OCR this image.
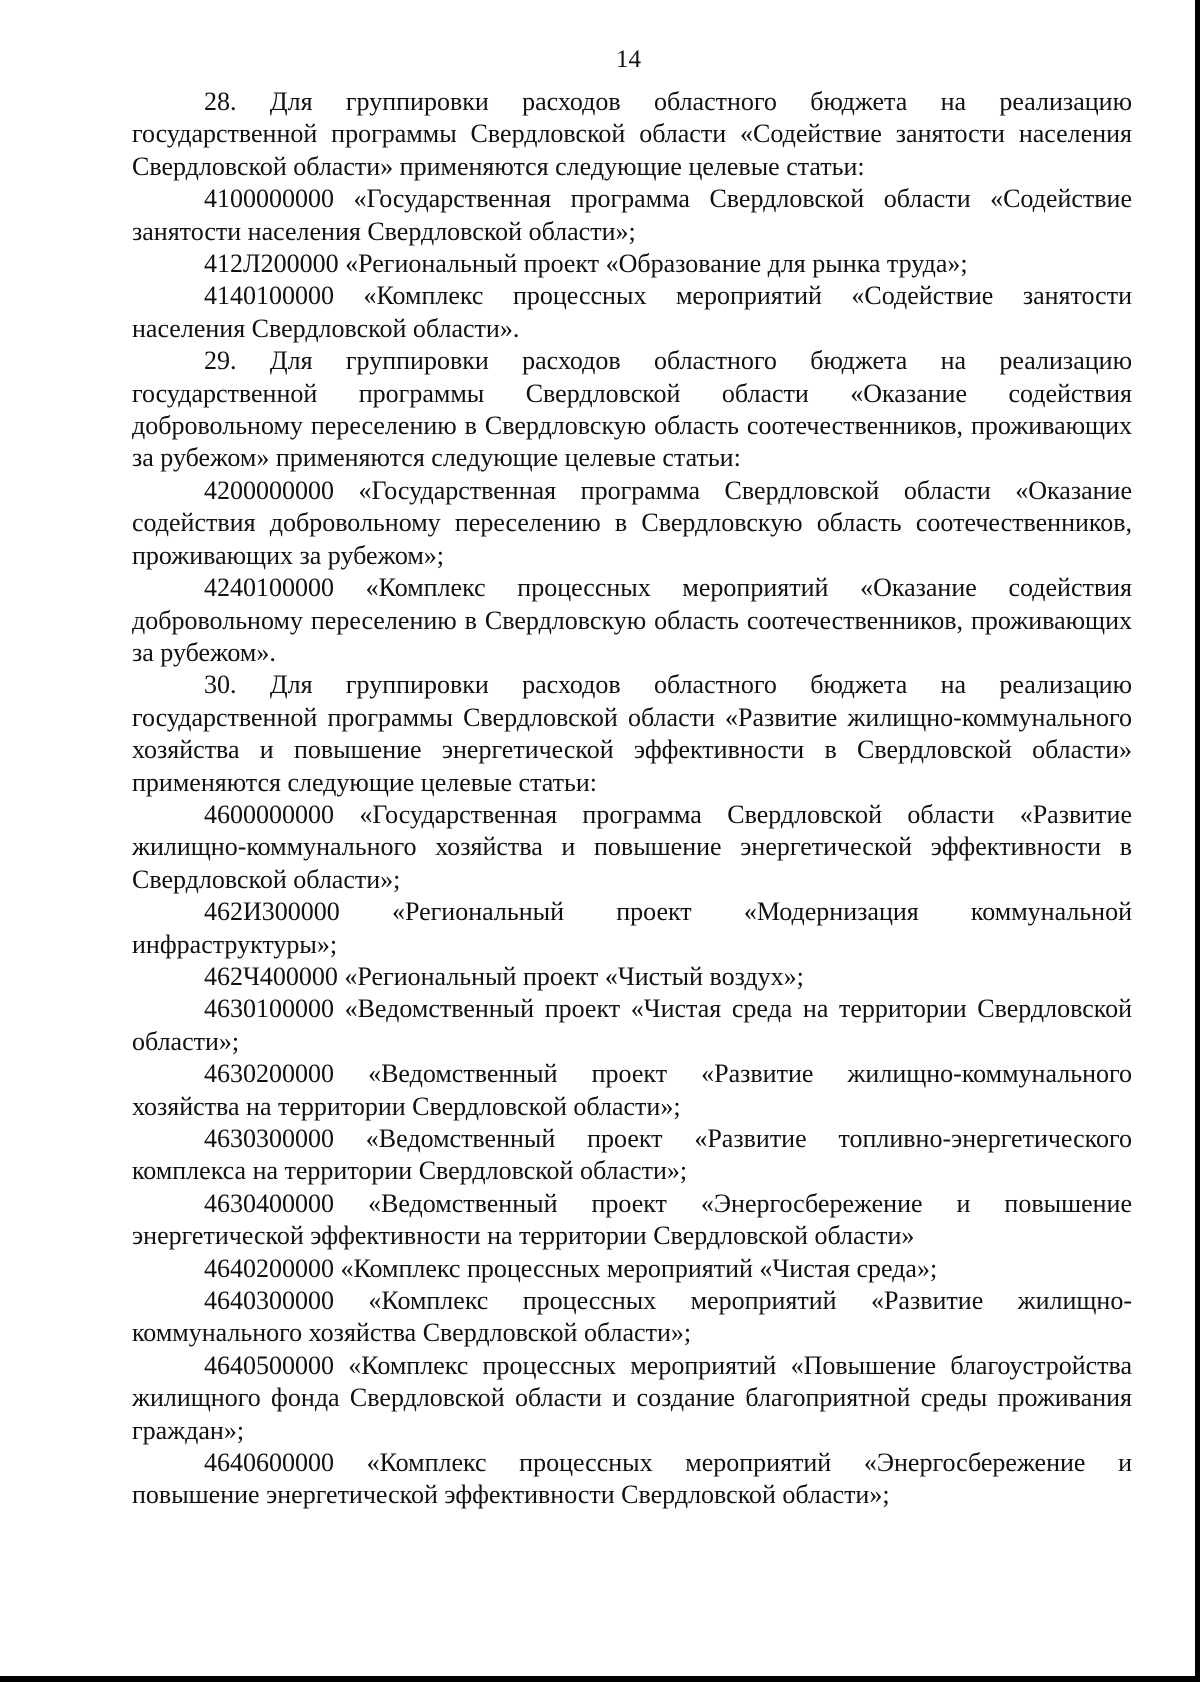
14

28. Для группировки расходов областного бюджета на реализацию государственной программы Свердловской области «Содействие занятости населения Свердловской области» применяются следующие целевые статьи:

4100000000 «Государственная программа Свердловской области «Содействие занятости населения Свердловской области»;

412Л200000 «Региональный проект «Образование для рынка труда»;

4140100000 «Комплекс процессных мероприятий «Содействие занятости населения Свердловской области».

29. Для группировки расходов областного бюджета на реализацию государственной программы Свердловской области «Оказание содействия добровольному переселению в Свердловскую область соотечественников, проживающих за рубежом» применяются следующие целевые статьи:

4200000000 «Государственная программа Свердловской области «Оказание содействия добровольному переселению в Свердловскую область соотечественников, проживающих за рубежом»;

4240100000 «Комплекс процессных мероприятий «Оказание содействия добровольному переселению в Свердловскую область соотечественников, проживающих за рубежом».

30. Для группировки расходов областного бюджета на реализацию государственной программы Свердловской области «Развитие жилищно-коммунального хозяйства и повышение энергетической эффективности в Свердловской области» применяются следующие целевые статьи:

4600000000 «Государственная программа Свердловской области «Развитие жилищно-коммунального хозяйства и повышение энергетической эффективности в Свердловской области»;

462И300000 «Региональный проект «Модернизация коммунальной инфраструктуры»;

462Ч400000 «Региональный проект «Чистый воздух»;

4630100000 «Ведомственный проект «Чистая среда на территории Свердловской области»;

4630200000 «Ведомственный проект «Развитие жилищно-коммунального хозяйства на территории Свердловской области»;

4630300000 «Ведомственный проект «Развитие топливно-энергетического комплекса на территории Свердловской области»;

4630400000 «Ведомственный проект «Энергосбережение и повышение энергетической эффективности на территории Свердловской области»

4640200000 «Комплекс процессных мероприятий «Чистая среда»;

4640300000 «Комплекс процессных мероприятий «Развитие жилищно-коммунального хозяйства Свердловской области»;

4640500000 «Комплекс процессных мероприятий «Повышение благоустройства жилищного фонда Свердловской области и создание благоприятной среды проживания граждан»;

4640600000 «Комплекс процессных мероприятий «Энергосбережение и повышение энергетической эффективности Свердловской области»;
